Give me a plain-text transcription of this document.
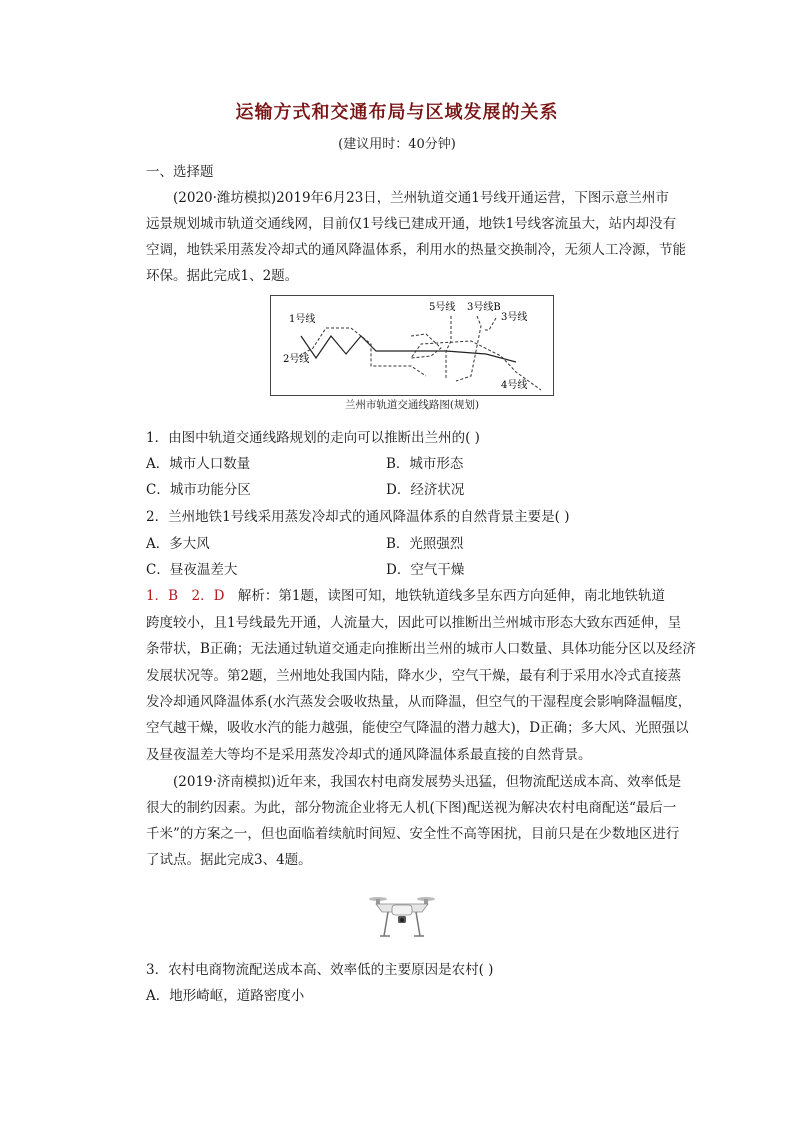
运输方式和交通布局与区域发展的关系
(建议用时：40分钟)
一、选择题
(2020·潍坊模拟)2019年6月23日，兰州轨道交通1号线开通运营，下图示意兰州市
远景规划城市轨道交通线网，目前仅1号线已建成开通，地铁1号线客流虽大，站内却没有
空调，地铁采用蒸发冷却式的通风降温体系，利用水的热量交换制冷，无须人工冷源，节能
环保。据此完成1、2题。
1号线
2号线
5号线 3号线B
3号线
4号线
兰州市轨道交通线路图(规划)
1．由图中轨道交通线路规划的走向可以推断出兰州的( )
A．城市人口数量	B．城市形态
C．城市功能分区	D．经济状况
2．兰州地铁1号线采用蒸发冷却式的通风降温体系的自然背景主要是( )
A．多大风	B．光照强烈
C．昼夜温差大	D．空气干燥
1．B　2．D　解析：第1题，读图可知，地铁轨道线多呈东西方向延伸，南北地铁轨道
跨度较小，且1号线最先开通，人流量大，因此可以推断出兰州城市形态大致东西延伸，呈
条带状，B正确；无法通过轨道交通走向推断出兰州的城市人口数量、具体功能分区以及经济
发展状况等。第2题，兰州地处我国内陆，降水少，空气干燥，最有利于采用水冷式直接蒸
发冷却通风降温体系(水汽蒸发会吸收热量，从而降温，但空气的干湿程度会影响降温幅度，
空气越干燥，吸收水汽的能力越强，能使空气降温的潜力越大)，D正确；多大风、光照强以
及昼夜温差大等均不是采用蒸发冷却式的通风降温体系最直接的自然背景。
(2019·济南模拟)近年来，我国农村电商发展势头迅猛，但物流配送成本高、效率低是
很大的制约因素。为此，部分物流企业将无人机(下图)配送视为解决农村电商配送“最后一
千米”的方案之一，但也面临着续航时间短、安全性不高等困扰，目前只是在少数地区进行
了试点。据此完成3、4题。
3．农村电商物流配送成本高、效率低的主要原因是农村( )
A．地形崎岖，道路密度小
